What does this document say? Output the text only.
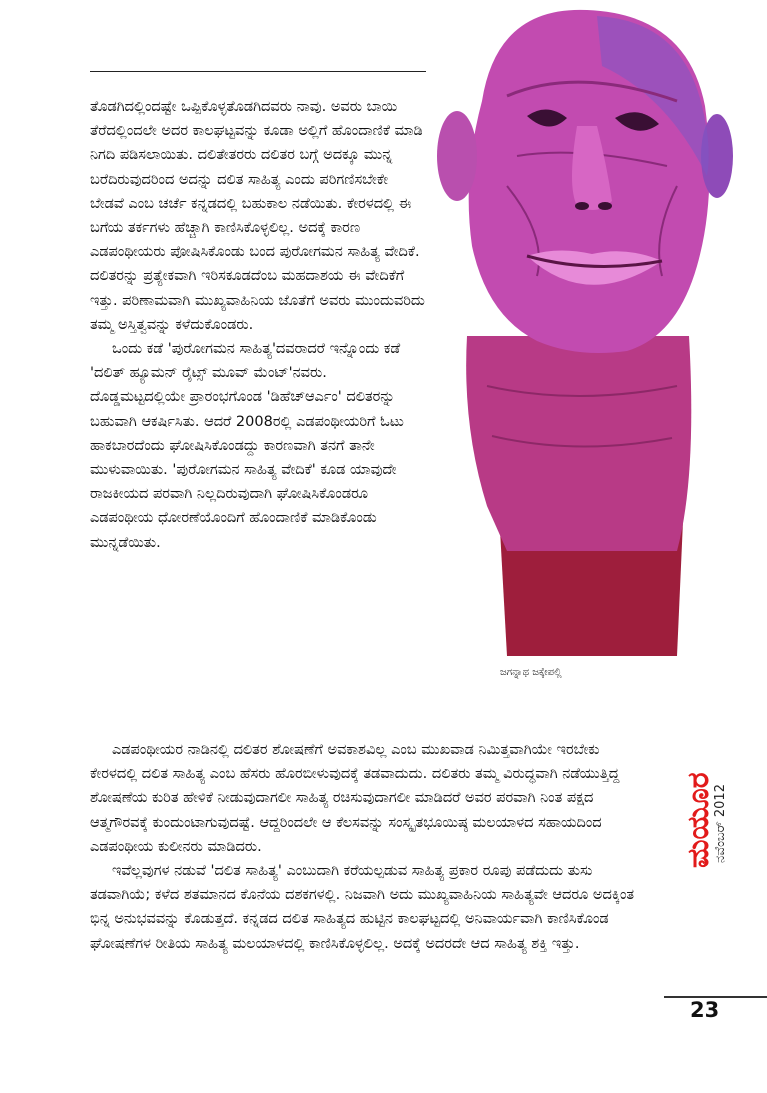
ತೊಡಗಿದಲ್ಲಿಂದಷ್ಟೇ ಒಪ್ಪಿಕೊಳ್ಳತೊಡಗಿದವರು ನಾವು. ಅವರು ಬಾಯಿ ತೆರೆದಲ್ಲಿಂದಲೇ ಅದರ ಕಾಲಘಟ್ಟವನ್ನು ಕೂಡಾ ಅಲ್ಲಿಗೆ ಹೊಂದಾಣಿಕೆ ಮಾಡಿ ನಿಗದಿ ಪಡಿಸಲಾಯಿತು. ದಲಿತೇತರರು ದಲಿತರ ಬಗ್ಗೆ ಅದಕ್ಕೂ ಮುನ್ನ ಬರೆದಿರುವುದರಿಂದ ಅದನ್ನು ದಲಿತ ಸಾಹಿತ್ಯ ಎಂದು ಪರಿಗಣಿಸಬೇಕೇ ಬೇಡವೆ ಎಂಬ ಚರ್ಚೆ ಕನ್ನಡದಲ್ಲಿ ಬಹುಕಾಲ ನಡೆಯಿತು. ಕೇರಳದಲ್ಲಿ ಈ ಬಗೆಯ ತರ್ಕಗಳು ಹೆಚ್ಚಾಗಿ ಕಾಣಿಸಿಕೊಳ್ಳಲಿಲ್ಲ. ಅದಕ್ಕೆ ಕಾರಣ ಎಡಪಂಥೀಯರು ಪೋಷಿಸಿಕೊಂಡು ಬಂದ ಪುರೋಗಮನ ಸಾಹಿತ್ಯ ವೇದಿಕೆ. ದಲಿತರನ್ನು ಪ್ರತ್ಯೇಕವಾಗಿ ಇರಿಸಕೂಡದೆಂಬ ಮಹದಾಶಯ ಈ ವೇದಿಕೆಗೆ ಇತ್ತು. ಪರಿಣಾಮವಾಗಿ ಮುಖ್ಯವಾಹಿನಿಯ ಜೊತೆಗೆ ಅವರು ಮುಂದುವರಿದು ತಮ್ಮ ಅಸ್ತಿತ್ವವನ್ನು ಕಳೆದುಕೊಂಡರು.

ಒಂದು ಕಡೆ 'ಪುರೋಗಮನ ಸಾಹಿತ್ಯ'ದವರಾದರೆ ಇನ್ನೊಂದು ಕಡೆ 'ದಲಿತ್ ಹ್ಯೂಮನ್ ರೈಟ್ಸ್ ಮೂವ್ ಮೆಂಟ್'ನವರು. ದೊಡ್ಡಮಟ್ಟದಲ್ಲಿಯೇ ಪ್ರಾರಂಭಗೊಂಡ 'ಡಿಹೆಚ್ಆರ್ಎಂ' ದಲಿತರನ್ನು ಬಹುವಾಗಿ ಆಕರ್ಷಿಸಿತು. ಆದರೆ 2008ರಲ್ಲಿ ಎಡಪಂಥೀಯರಿಗೆ ಓಟು ಹಾಕಬಾರದೆಂದು ಘೋಷಿಸಿಕೊಂಡದ್ದು ಕಾರಣವಾಗಿ ತನಗೆ ತಾನೇ ಮುಳುವಾಯಿತು. 'ಪುರೋಗಮನ ಸಾಹಿತ್ಯ ವೇದಿಕೆ' ಕೂಡ ಯಾವುದೇ ರಾಜಕೀಯದ ಪರವಾಗಿ ನಿಲ್ಲದಿರುವುದಾಗಿ ಘೋಷಿಸಿಕೊಂಡರೂ ಎಡಪಂಥೀಯ ಧೋರಣೆಯೊಂದಿಗೆ ಹೊಂದಾಣಿಕೆ ಮಾಡಿಕೊಂಡು ಮುನ್ನಡೆಯಿತು.

ಜಗನ್ನಾಥ ಜಕ್ಕೇಪಲ್ಲಿ

ಎಡಪಂಥೀಯರ ನಾಡಿನಲ್ಲಿ ದಲಿತರ ಶೋಷಣೆಗೆ ಅವಕಾಶವಿಲ್ಲ ಎಂಬ ಮುಖವಾಡ ನಿಮಿತ್ತವಾಗಿಯೇ ಇರಬೇಕು ಕೇರಳದಲ್ಲಿ ದಲಿತ ಸಾಹಿತ್ಯ ಎಂಬ ಹೆಸರು ಹೊರಬೀಳುವುದಕ್ಕೆ ತಡವಾದುದು. ದಲಿತರು ತಮ್ಮ ವಿರುದ್ಧವಾಗಿ ನಡೆಯುತ್ತಿದ್ದ ಶೋಷಣೆಯ ಕುರಿತ ಹೇಳಿಕೆ ನೀಡುವುದಾಗಲೀ ಸಾಹಿತ್ಯ ರಚಿಸುವುದಾಗಲೀ ಮಾಡಿದರೆ ಅವರ ಪರವಾಗಿ ನಿಂತ ಪಕ್ಷದ ಆತ್ಮಗೌರವಕ್ಕೆ ಕುಂದುಂಟಾಗುವುದಷ್ಟೆ. ಆದ್ದರಿಂದಲೇ ಆ ಕೆಲಸವನ್ನು ಸಂಸ್ಕೃತಭೂಯಿಷ್ಠ ಮಲಯಾಳದ ಸಹಾಯದಿಂದ ಎಡಪಂಥೀಯ ಕುಲೀನರು ಮಾಡಿದರು.

ಇವೆಲ್ಲವುಗಳ ನಡುವೆ 'ದಲಿತ ಸಾಹಿತ್ಯ' ಎಂಬುದಾಗಿ ಕರೆಯಲ್ಪಡುವ ಸಾಹಿತ್ಯ ಪ್ರಕಾರ ರೂಪು ಪಡೆದುದು ತುಸು ತಡವಾಗಿಯೆ; ಕಳೆದ ಶತಮಾನದ ಕೊನೆಯ ದಶಕಗಳಲ್ಲಿ. ನಿಜವಾಗಿ ಅದು ಮುಖ್ಯವಾಹಿನಿಯ ಸಾಹಿತ್ಯವೇ ಆದರೂ ಅದಕ್ಕಿಂತ ಭಿನ್ನ ಅನುಭವವನ್ನು ಕೊಡುತ್ತದೆ. ಕನ್ನಡದ ದಲಿತ ಸಾಹಿತ್ಯದ ಹುಟ್ಟಿನ ಕಾಲಘಟ್ಟದಲ್ಲಿ ಅನಿವಾರ್ಯವಾಗಿ ಕಾಣಿಸಿಕೊಂಡ ಘೋಷಣೆಗಳ ರೀತಿಯ ಸಾಹಿತ್ಯ ಮಲಯಾಳದಲ್ಲಿ ಕಾಣಿಸಿಕೊಳ್ಳಲಿಲ್ಲ. ಅದಕ್ಕೆ ಅದರದೇ ಆದ ಸಾಹಿತ್ಯ ಶಕ್ತಿ ಇತ್ತು.

ಮಯೂರ
ನವೆಂಬರ್ 2012
23
